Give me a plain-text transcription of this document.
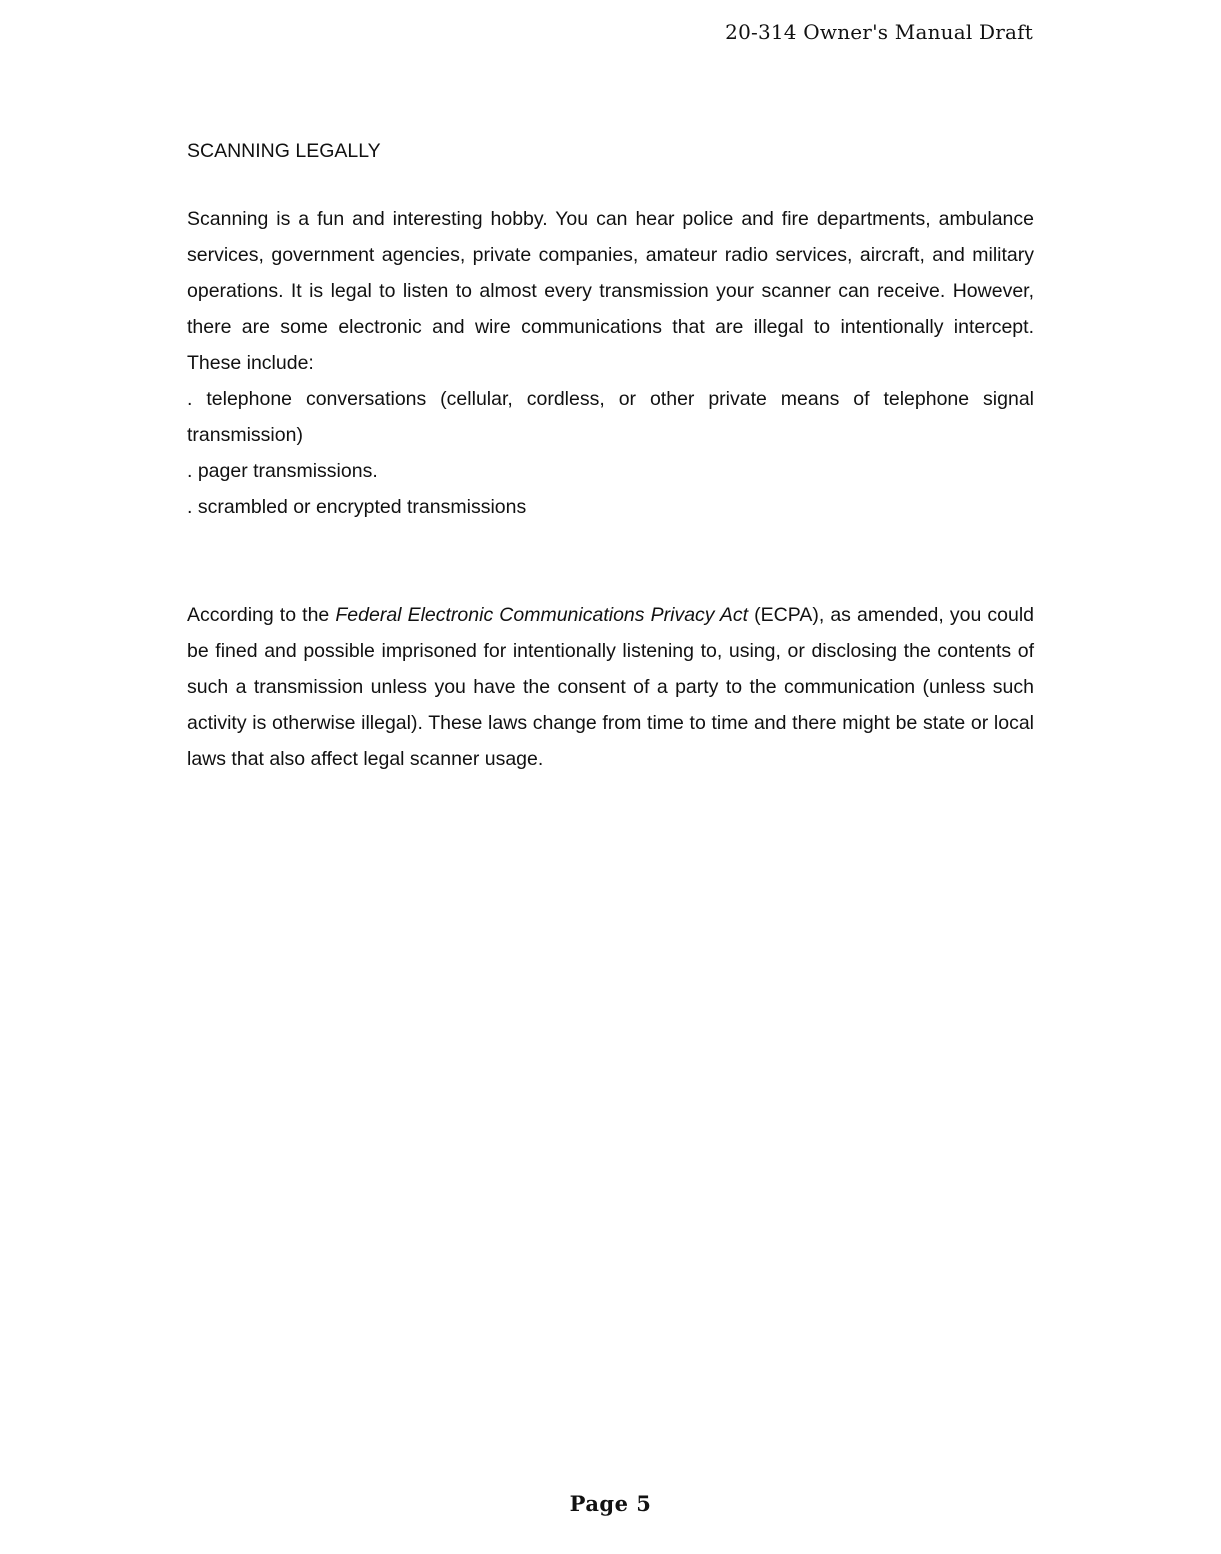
20-314 Owner's Manual Draft
SCANNING LEGALLY

Scanning is a fun and interesting hobby. You can hear police and fire departments, ambulance services, government agencies, private companies, amateur radio services, aircraft, and military operations. It is legal to listen to almost every transmission your scanner can receive. However, there are some electronic and wire communications that are illegal to intentionally intercept. These include:

. telephone conversations (cellular, cordless, or other private means of telephone signal transmission)

. pager transmissions.

. scrambled or encrypted transmissions

According to the Federal Electronic Communications Privacy Act (ECPA), as amended, you could be fined and possible imprisoned for intentionally listening to, using, or disclosing the contents of such a transmission unless you have the consent of a party to the communication (unless such activity is otherwise illegal). These laws change from time to time and there might be state or local laws that also affect legal scanner usage.

Page 5
